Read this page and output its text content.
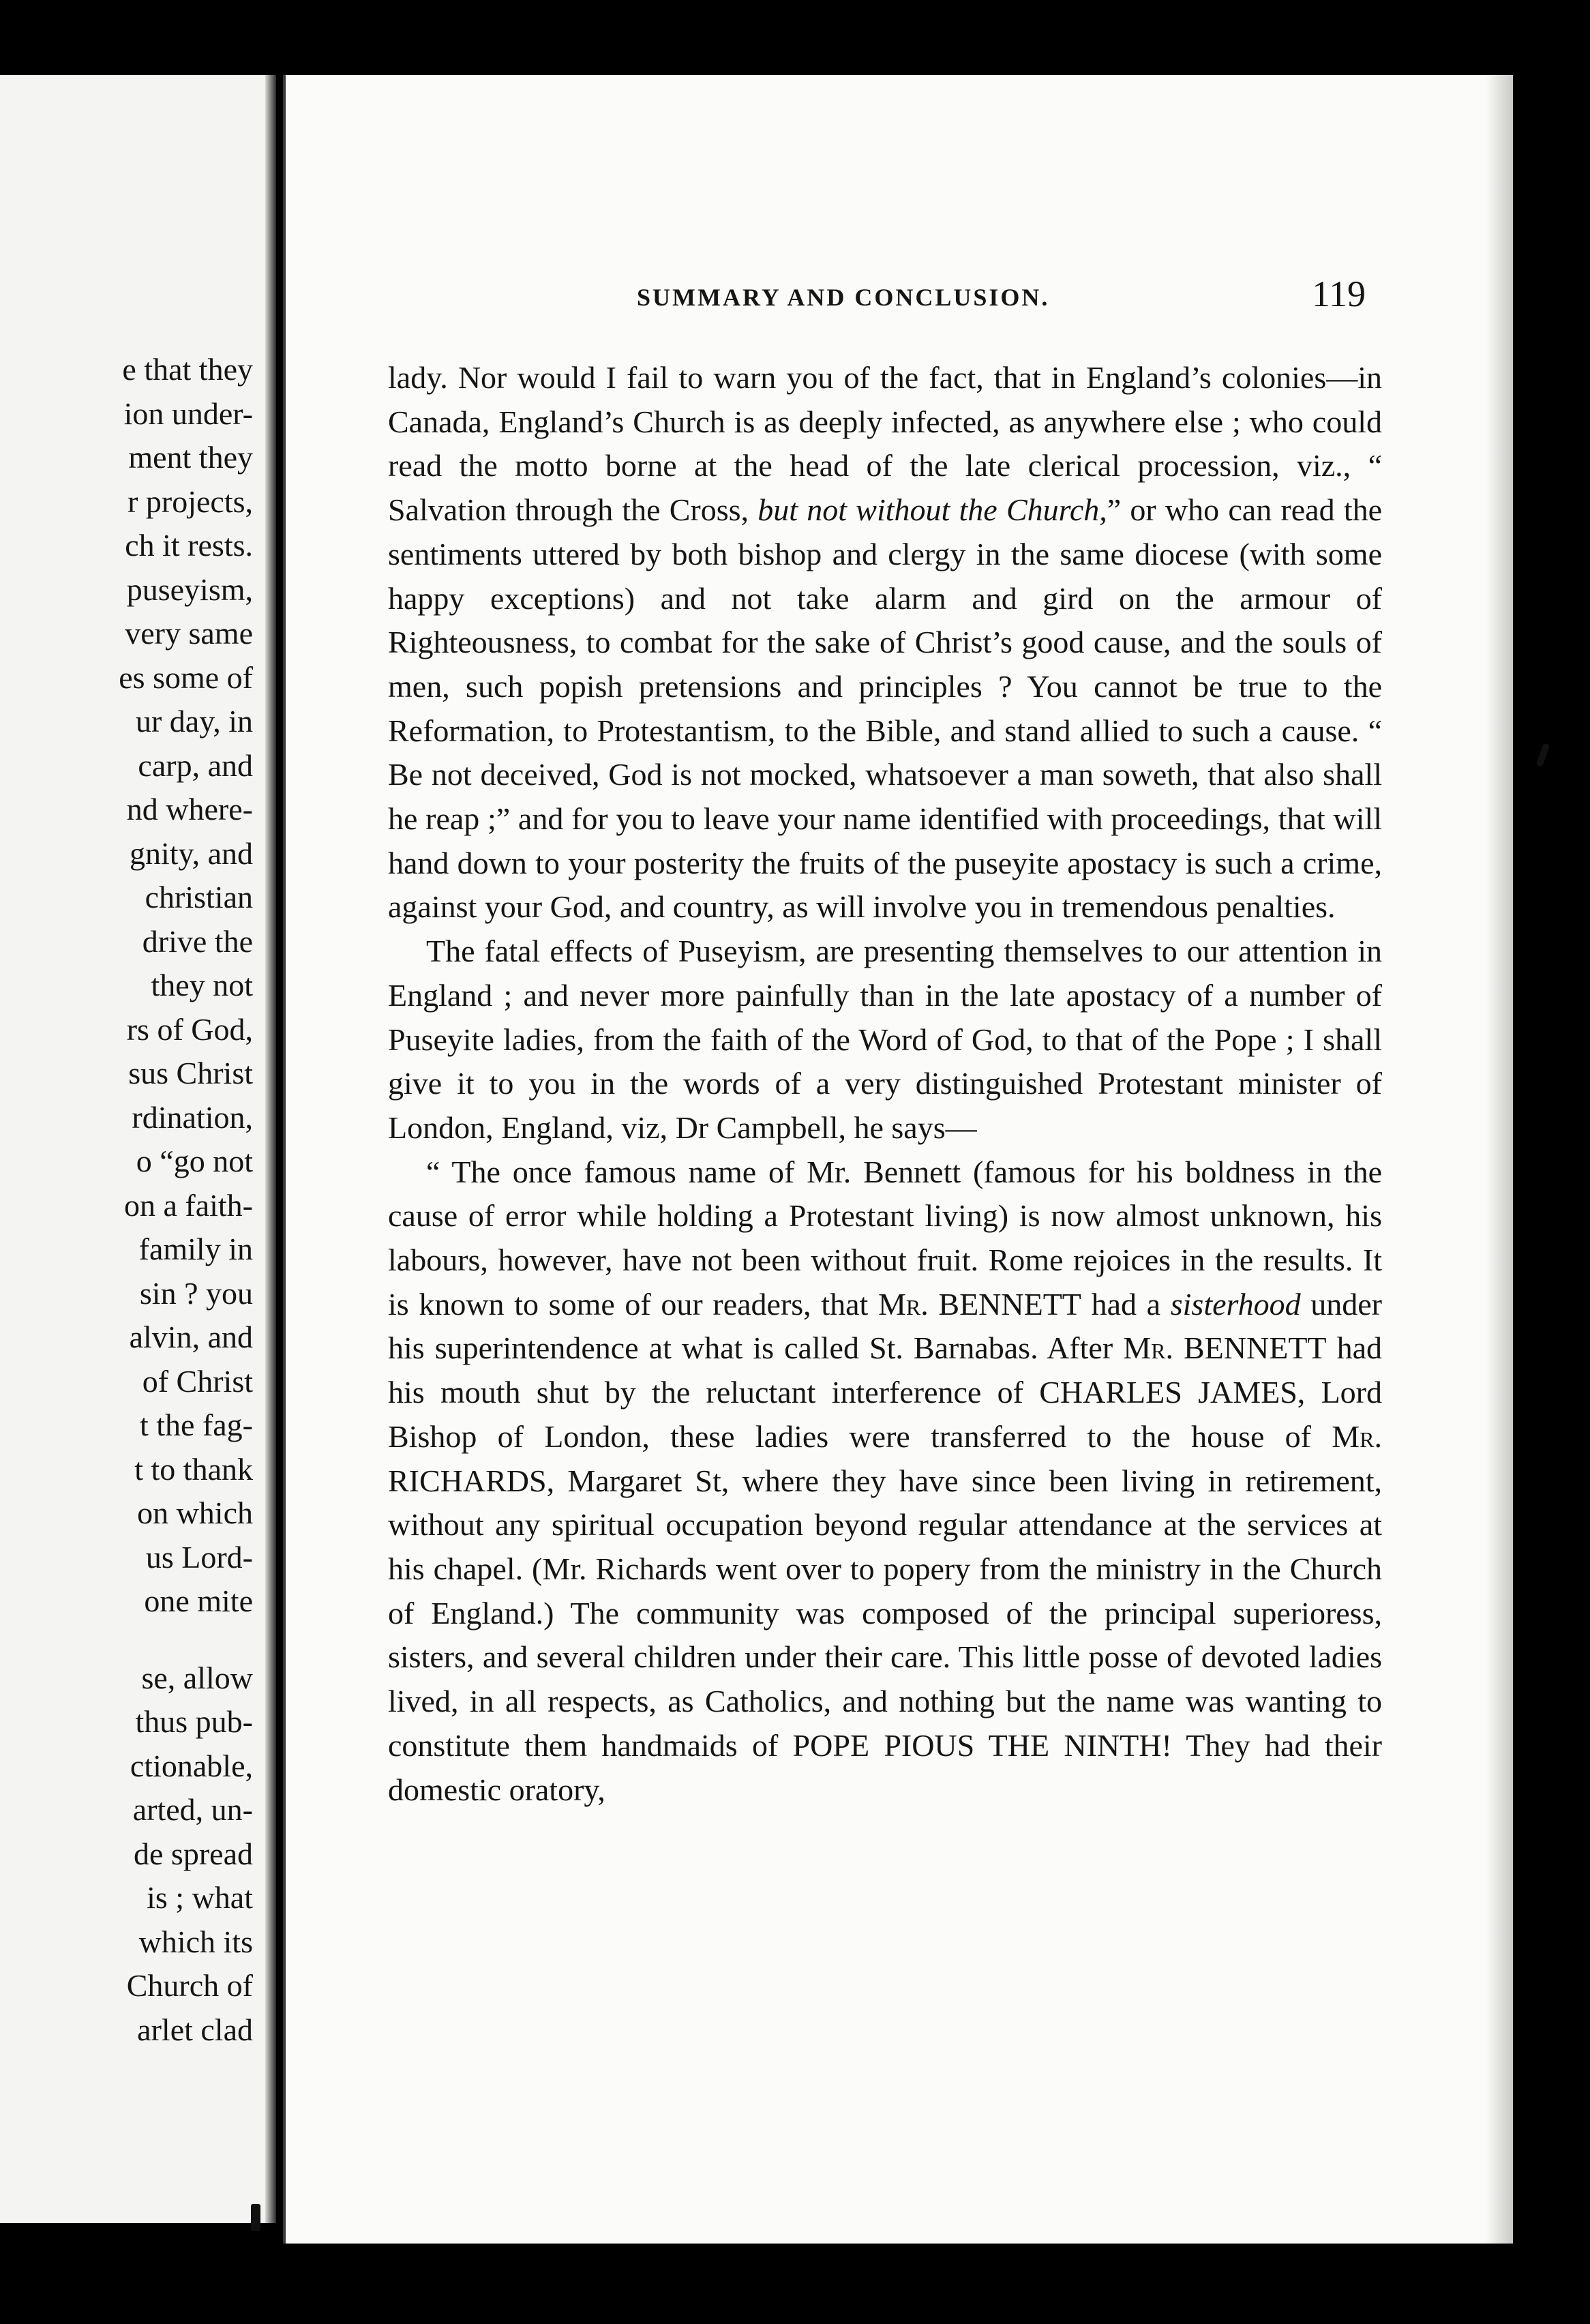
e that they
ion under-
ment they
r projects,
ch it rests.
puseyism,
very same
es some of
ur day, in
carp, and
nd where-
gnity, and
christian
drive the
they not
rs of God,
sus Christ
rdination,
o “go not
on a faith-
family in
sin ? you
alvin, and
of Christ
t the fag-
t to thank
on which
us Lord-
one mite
se, allow
thus pub-
ctionable,
arted, un-
de spread
is ; what
which its
Church of
arlet clad
SUMMARY AND CONCLUSION.	119

lady. Nor would I fail to warn you of the fact, that in England’s colonies—in Canada, England’s Church is as deeply infected, as anywhere else ; who could read the motto borne at the head of the late clerical procession, viz., “ Salvation through the Cross, but not without the Church,” or who can read the sentiments uttered by both bishop and clergy in the same diocese (with some happy exceptions) and not take alarm and gird on the armour of Righteousness, to combat for the sake of Christ’s good cause, and the souls of men, such popish pretensions and principles ? You cannot be true to the Reformation, to Protestantism, to the Bible, and stand allied to such a cause. “ Be not deceived, God is not mocked, whatsoever a man soweth, that also shall he reap ;” and for you to leave your name identified with proceedings, that will hand down to your posterity the fruits of the puseyite apostacy is such a crime, against your God, and country, as will involve you in tremendous penalties.

The fatal effects of Puseyism, are presenting themselves to our attention in England ; and never more painfully than in the late apostacy of a number of Puseyite ladies, from the faith of the Word of God, to that of the Pope ; I shall give it to you in the words of a very distinguished Protestant minister of London, England, viz, Dr Campbell, he says—

“ The once famous name of Mr. Bennett (famous for his boldness in the cause of error while holding a Protestant living) is now almost unknown, his labours, however, have not been without fruit. Rome rejoices in the results. It is known to some of our readers, that Mr. BENNETT had a sisterhood under his superintendence at what is called St. Barnabas. After Mr. BENNETT had his mouth shut by the reluctant interference of CHARLES JAMES, Lord Bishop of London, these ladies were transferred to the house of Mr. RICHARDS, Margaret St, where they have since been living in retirement, without any spiritual occupation beyond regular attendance at the services at his chapel. (Mr. Richards went over to popery from the ministry in the Church of England.) The community was composed of the principal superioress, sisters, and several children under their care. This little posse of devoted ladies lived, in all respects, as Catholics, and nothing but the name was wanting to constitute them handmaids of POPE PIOUS THE NINTH! They had their domestic oratory,
